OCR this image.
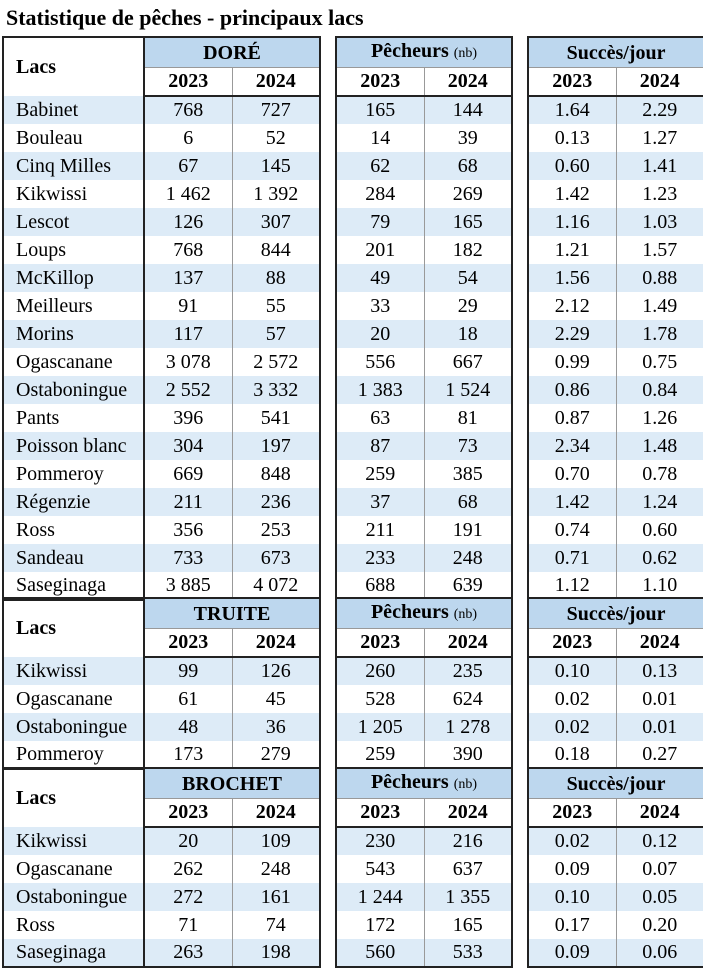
Statistique de pêches - principaux lacs
Lacs	DORÉ			Pêcheurs (nb)			Succès/jour	
	2023	2024		2023	2024		2023	2024
Babinet	768	727		165	144		1.64	2.29
Bouleau	6	52		14	39		0.13	1.27
Cinq Milles	67	145		62	68		0.60	1.41
Kikwissi	1 462	1 392		284	269		1.42	1.23
Lescot	126	307		79	165		1.16	1.03
Loups	768	844		201	182		1.21	1.57
McKillop	137	88		49	54		1.56	0.88
Meilleurs	91	55		33	29		2.12	1.49
Morins	117	57		20	18		2.29	1.78
Ogascanane	3 078	2 572		556	667		0.99	0.75
Ostaboningue	2 552	3 332		1 383	1 524		0.86	0.84
Pants	396	541		63	81		0.87	1.26
Poisson blanc	304	197		87	73		2.34	1.48
Pommeroy	669	848		259	385		0.70	0.78
Régenzie	211	236		37	68		1.42	1.24
Ross	356	253		211	191		0.74	0.60
Sandeau	733	673		233	248		0.71	0.62
Saseginaga	3 885	4 072		688	639		1.12	1.10
Lacs	TRUITE			Pêcheurs (nb)			Succès/jour	
	2023	2024		2023	2024		2023	2024
Kikwissi	99	126		260	235		0.10	0.13
Ogascanane	61	45		528	624		0.02	0.01
Ostaboningue	48	36		1 205	1 278		0.02	0.01
Pommeroy	173	279		259	390		0.18	0.27
Lacs	BROCHET			Pêcheurs (nb)			Succès/jour	
	2023	2024		2023	2024		2023	2024
Kikwissi	20	109		230	216		0.02	0.12
Ogascanane	262	248		543	637		0.09	0.07
Ostaboningue	272	161		1 244	1 355		0.10	0.05
Ross	71	74		172	165		0.17	0.20
Saseginaga	263	198		560	533		0.09	0.06
